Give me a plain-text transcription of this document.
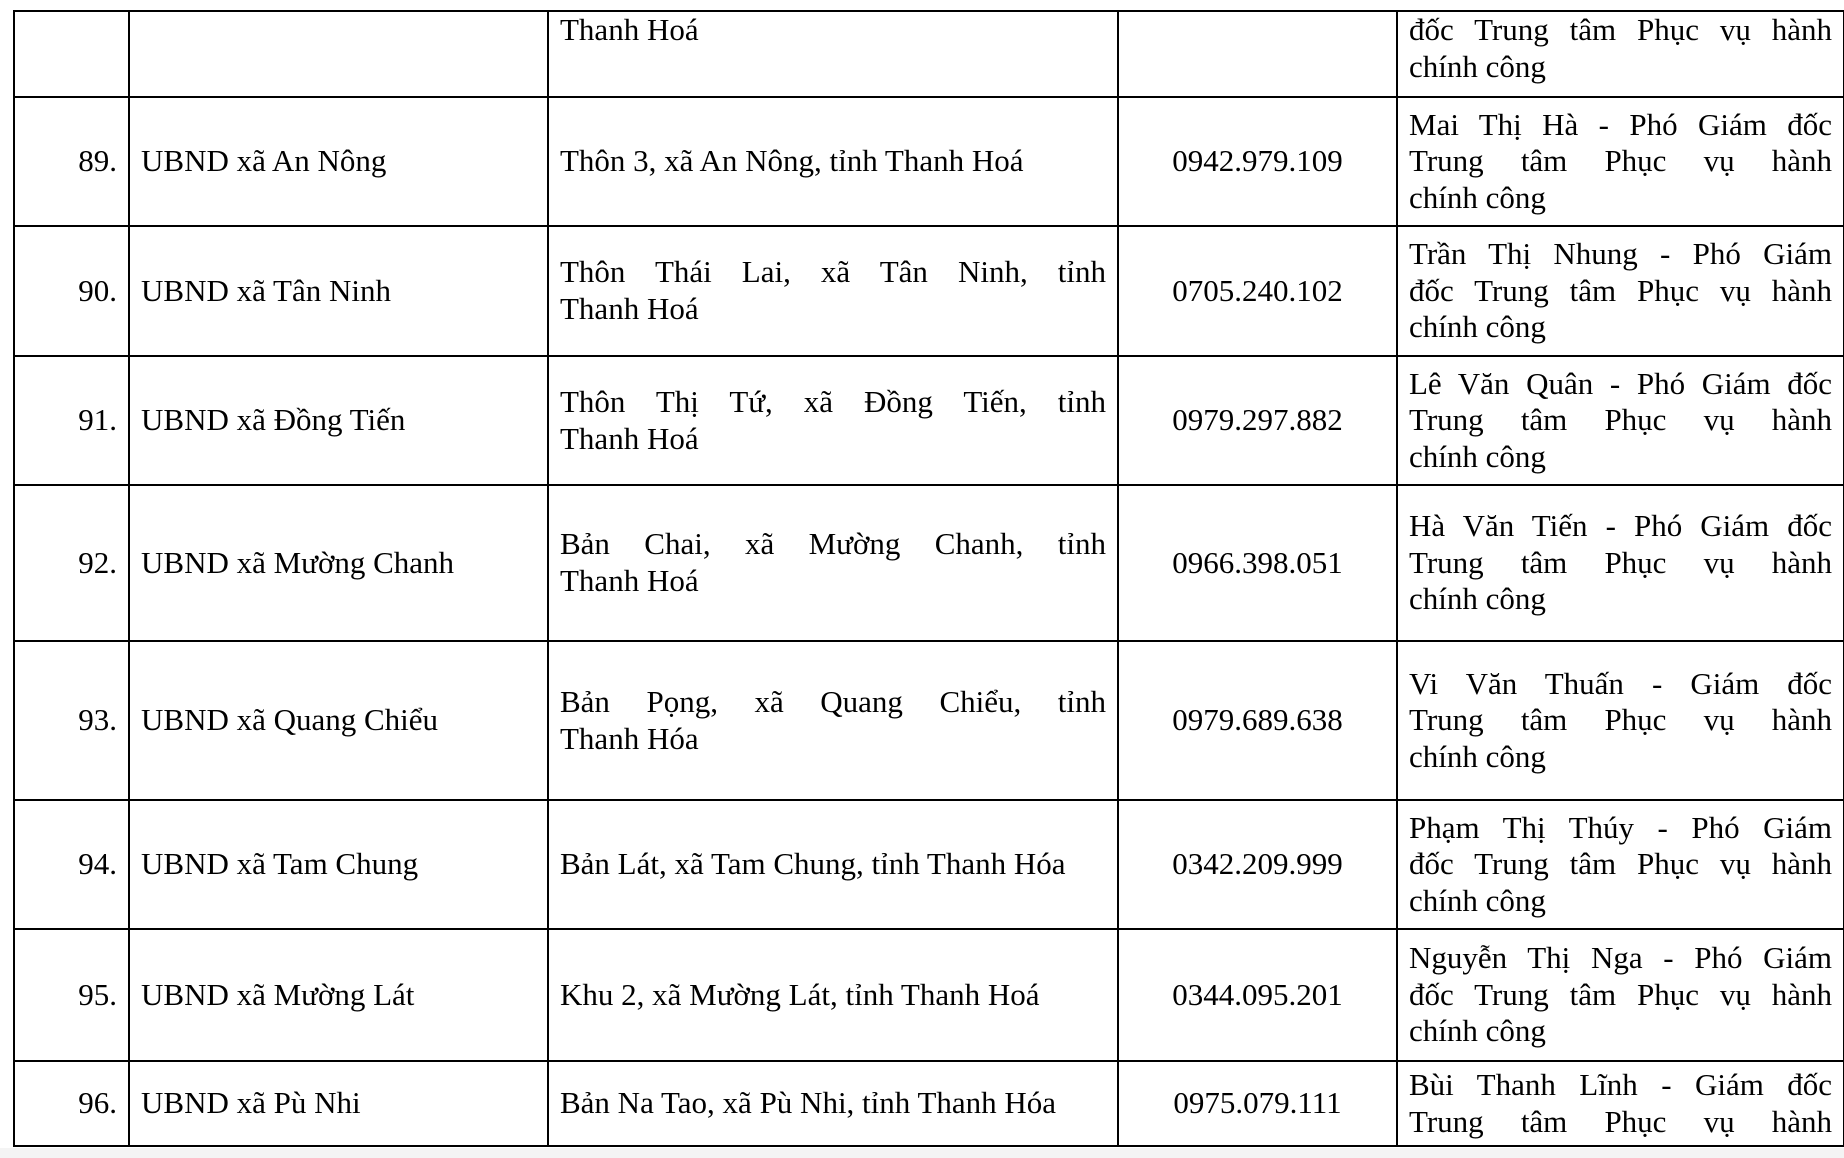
		Thanh Hoá		đốc Trung tâm Phục vụ hành
chính công

89.	UBND xã An Nông	Thôn 3, xã An Nông, tỉnh Thanh Hoá	0942.979.109	Mai Thị Hà - Phó Giám đốc
Trung tâm Phục vụ hành
chính công

90.	UBND xã Tân Ninh	Thôn Thái Lai, xã Tân Ninh, tỉnh
Thanh Hoá	0705.240.102	Trần Thị Nhung - Phó Giám
đốc Trung tâm Phục vụ hành
chính công

91.	UBND xã Đồng Tiến	Thôn Thị Tứ, xã Đồng Tiến, tỉnh
Thanh Hoá	0979.297.882	Lê Văn Quân - Phó Giám đốc
Trung tâm Phục vụ hành
chính công

92.	UBND xã Mường Chanh	Bản Chai, xã Mường Chanh, tỉnh
Thanh Hoá	0966.398.051	Hà Văn Tiến - Phó Giám đốc
Trung tâm Phục vụ hành
chính công

93.	UBND xã Quang Chiểu	Bản Pọng, xã Quang Chiểu, tỉnh
Thanh Hóa	0979.689.638	Vi Văn Thuấn - Giám đốc
Trung tâm Phục vụ hành
chính công

94.	UBND xã Tam Chung	Bản Lát, xã Tam Chung, tỉnh Thanh Hóa	0342.209.999	Phạm Thị Thúy - Phó Giám
đốc Trung tâm Phục vụ hành
chính công

95.	UBND xã Mường Lát	Khu 2, xã Mường Lát, tỉnh Thanh Hoá	0344.095.201	Nguyễn Thị Nga - Phó Giám
đốc Trung tâm Phục vụ hành
chính công

96.	UBND xã Pù Nhi	Bản Na Tao, xã Pù Nhi, tỉnh Thanh Hóa	0975.079.111	Bùi Thanh Lĩnh - Giám đốc
Trung tâm Phục vụ hành
